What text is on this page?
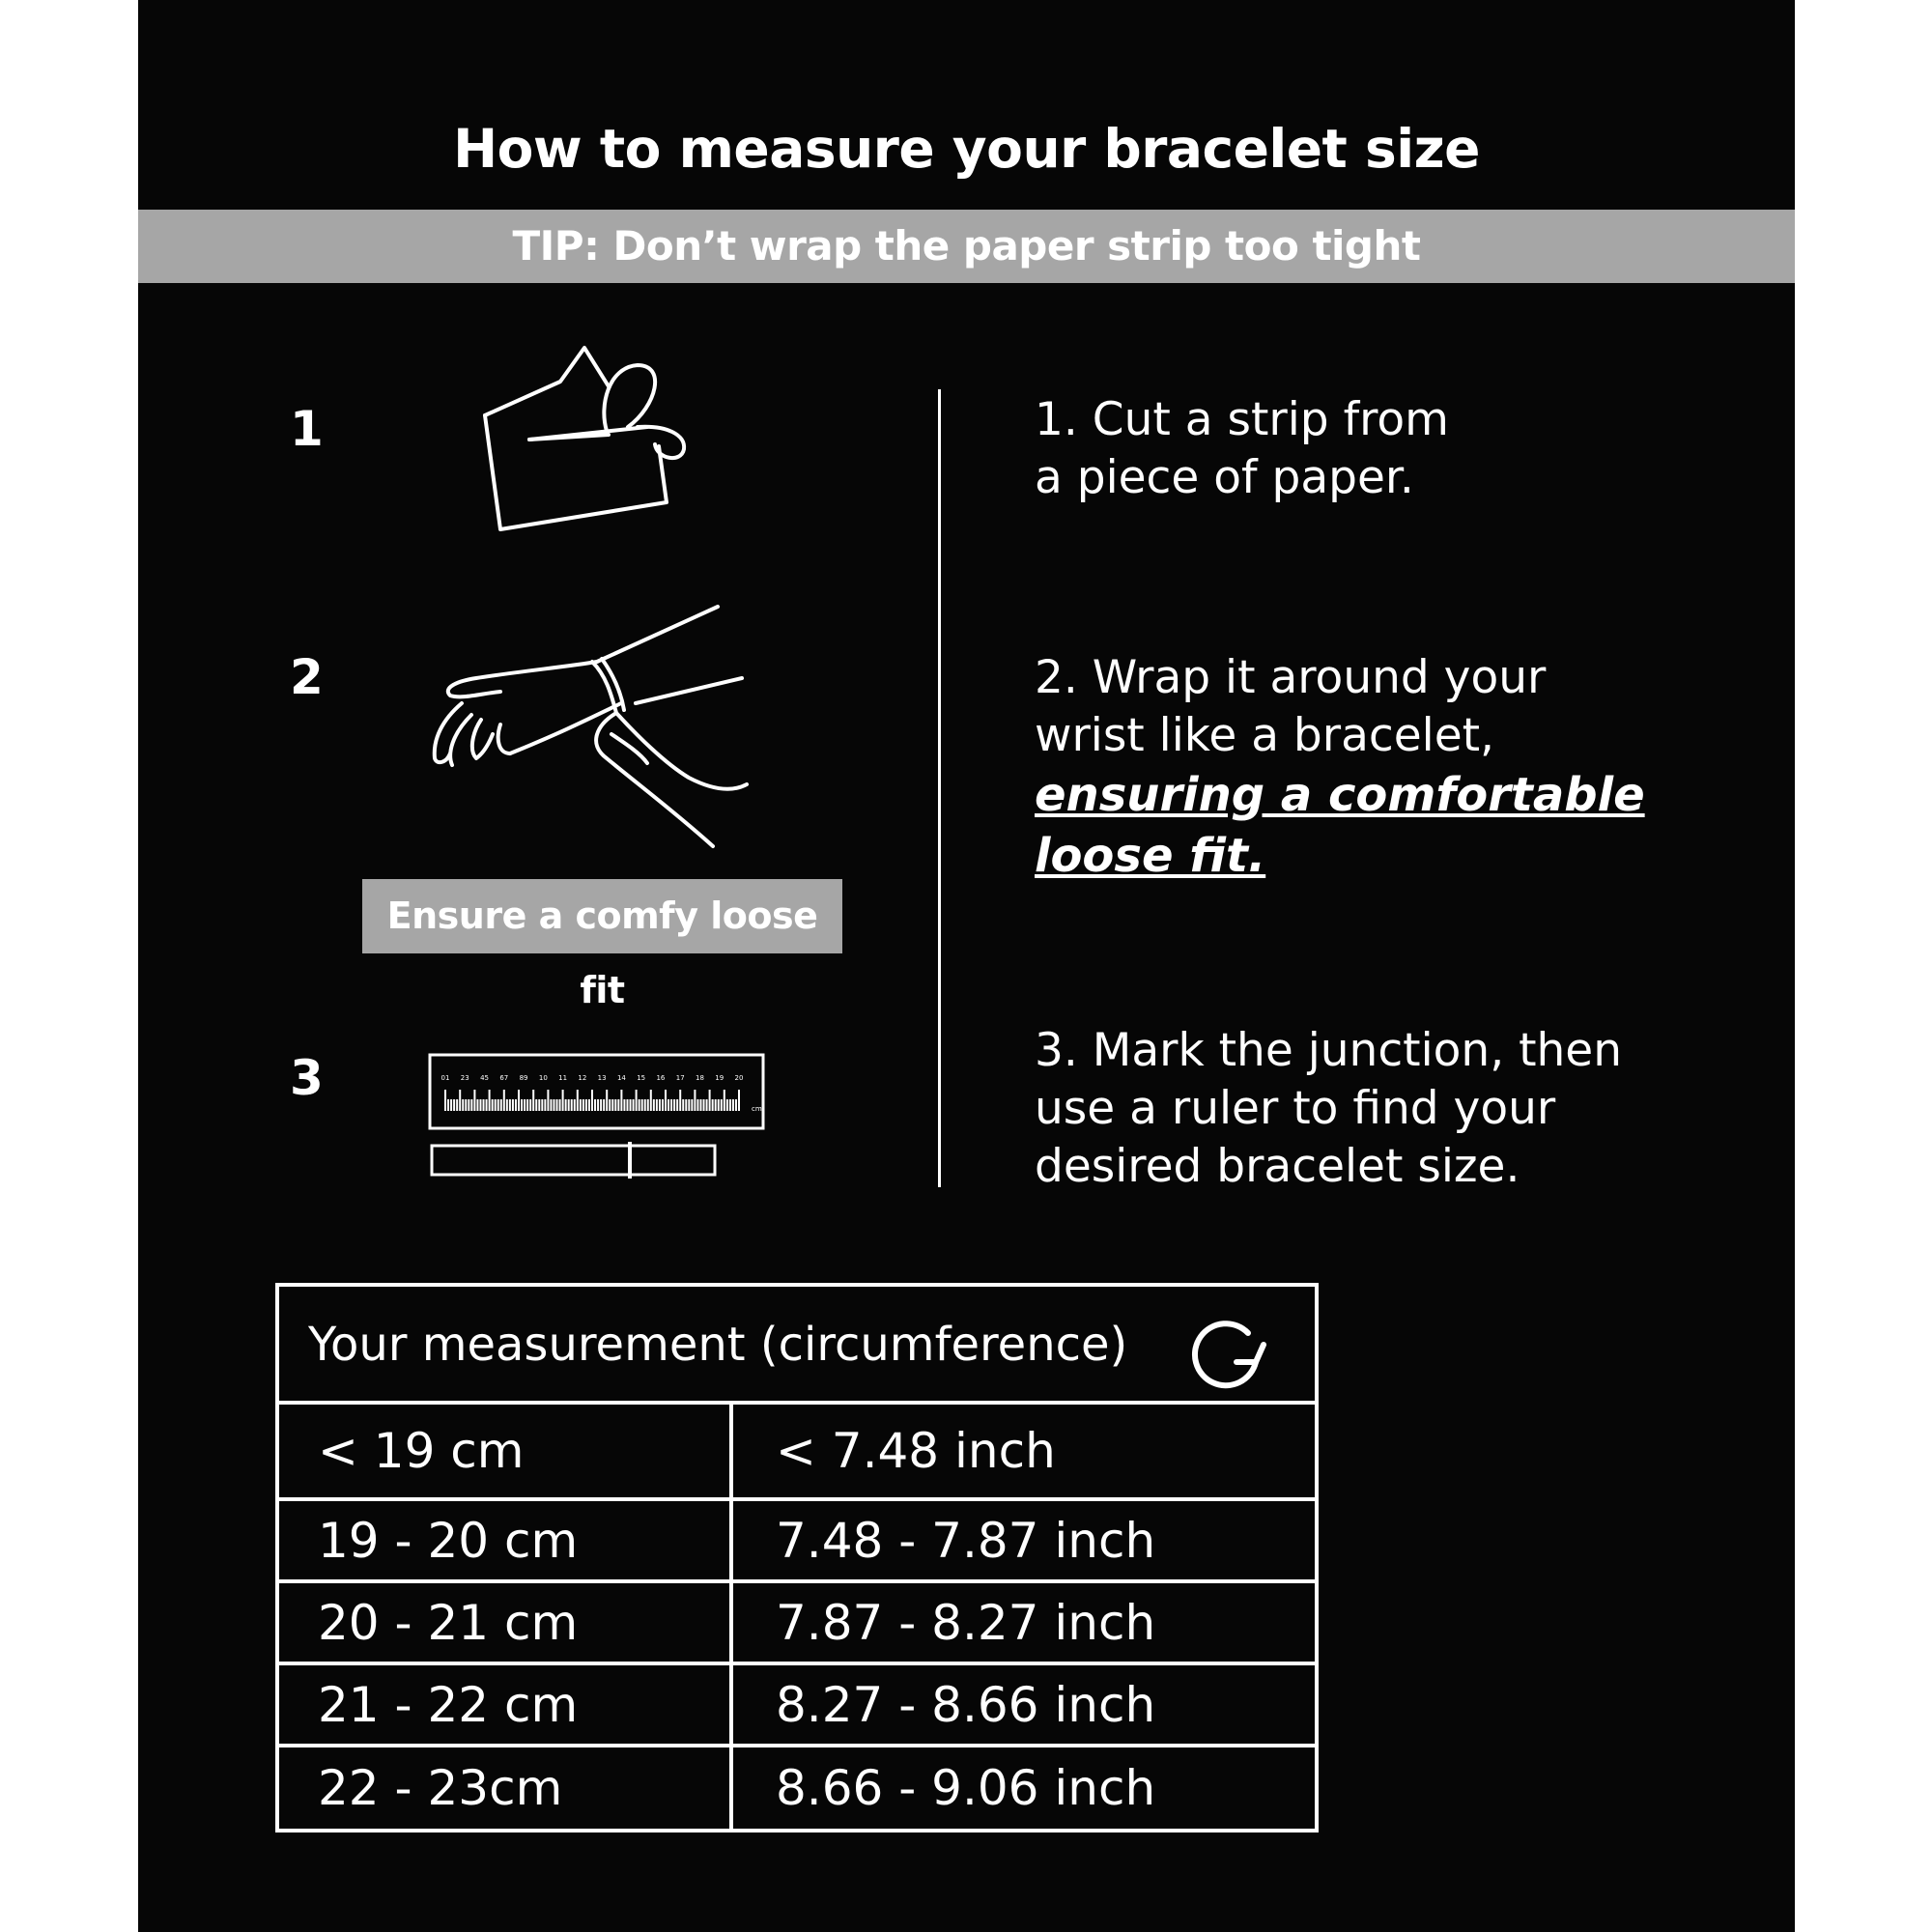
How to measure your bracelet size
TIP: Don’t wrap the paper strip too tight
1
2
3
Ensure a comfy loose fit
01 23 45 67 89 10 11 12 13 14 15 16 17 18 19 20
cm
1. Cut a strip from
a piece of paper.
2. Wrap it around your
wrist like a bracelet,
ensuring a comfortable
loose fit.
3. Mark the junction, then
use a ruler to find your
desired bracelet size.
Your measurement (circumference)
< 19 cm	< 7.48 inch
19 - 20 cm	7.48 - 7.87 inch
20 - 21 cm	7.87 - 8.27 inch
21 - 22 cm	8.27 - 8.66 inch
22 - 23cm	8.66 - 9.06 inch
